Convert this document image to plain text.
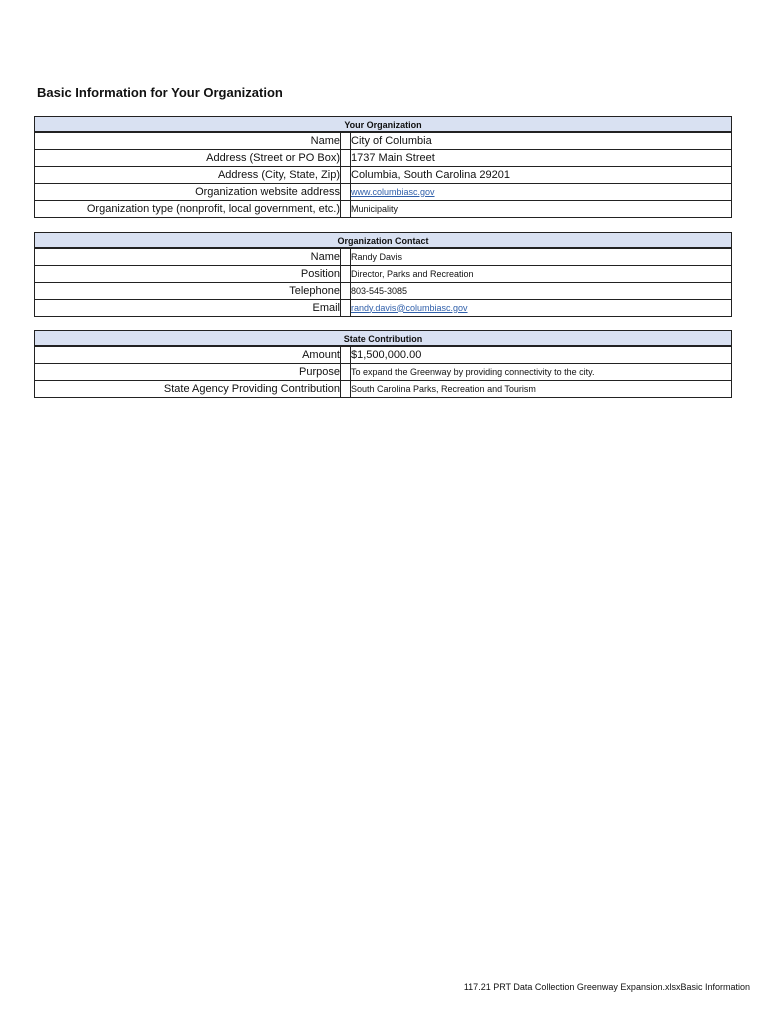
Basic Information for Your Organization
Your Organization
Name		City of Columbia
Address (Street or PO Box)		1737 Main Street
Address (City, State, Zip)		Columbia, South Carolina 29201
Organization website address		www.columbiasc.gov
Organization type (nonprofit, local government, etc.)		Municipality
Organization Contact
Name		Randy Davis
Position		Director, Parks and Recreation
Telephone		803-545-3085
Email		randy.davis@columbiasc.gov
State Contribution
Amount		$1,500,000.00
Purpose		To expand the Greenway by providing connectivity to the city.
State Agency Providing Contribution		South Carolina Parks, Recreation and Tourism
117.21 PRT Data Collection Greenway Expansion.xlsxBasic Information
